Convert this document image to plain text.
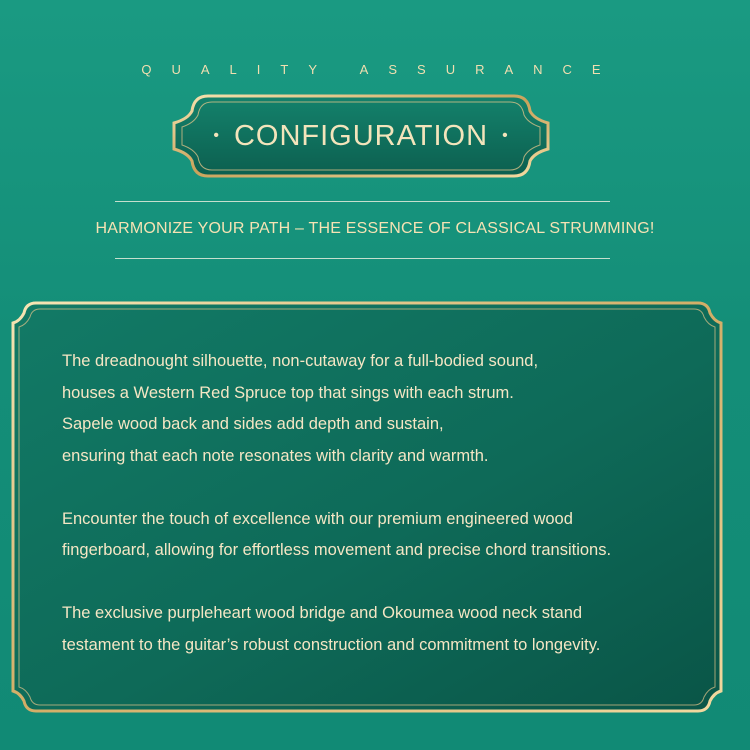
QUALITY ASSURANCE
• CONFIGURATION •
HARMONIZE YOUR PATH – THE ESSENCE OF CLASSICAL STRUMMING!

The dreadnought silhouette, non-cutaway for a full-bodied sound,
houses a Western Red Spruce top that sings with each strum.
Sapele wood back and sides add depth and sustain,
ensuring that each note resonates with clarity and warmth.

Encounter the touch of excellence with our premium engineered wood
fingerboard, allowing for effortless movement and precise chord transitions.

The exclusive purpleheart wood bridge and Okoumea wood neck stand
testament to the guitar’s robust construction and commitment to longevity.
